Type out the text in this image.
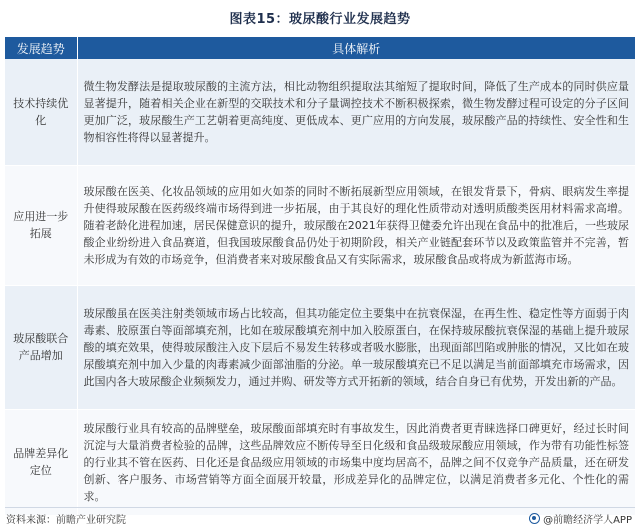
图表15：玻尿酸行业发展趋势
发展趋势	具体解析
技术持续优化	微生物发酵法是提取玻尿酸的主流方法，相比动物组织提取法其缩短了提取时间，降低了生产成本的同时供应量显著提升，随着相关企业在新型的交联技术和分子量调控技术不断积极探索，微生物发酵过程可设定的分子区间更加广泛，玻尿酸生产工艺朝着更高纯度、更低成本、更广应用的方向发展，玻尿酸产品的持续性、安全性和生物相容性将得以显著提升。
应用进一步拓展	玻尿酸在医美、化妆品领域的应用如火如荼的同时不断拓展新型应用领域，在银发背景下，骨病、眼病发生率提升使得玻尿酸在医药级终端市场得到进一步拓展，由于其良好的理化性质带动对透明质酸类医用材料需求高增。随着老龄化进程加速，居民保健意识的提升，玻尿酸在2021年获得卫健委允许出现在食品中的批准后，一些玻尿酸企业纷纷进入食品赛道，但我国玻尿酸食品仍处于初期阶段，相关产业链配套环节以及政策监管并不完善，暂未形成为有效的市场竞争，但消费者来对玻尿酸食品又有实际需求，玻尿酸食品或将成为新蓝海市场。
玻尿酸联合产品增加	玻尿酸虽在医美注射类领域市场占比较高，但其功能定位主要集中在抗衰保湿，在再生性、稳定性等方面弱于肉毒素、胶原蛋白等面部填充剂，比如在玻尿酸填充剂中加入胶原蛋白，在保持玻尿酸抗衰保湿的基础上提升玻尿酸的填充效果，使得玻尿酸注入皮下层后不易发生转移或者吸水膨胀，出现面部凹陷或肿胀的情况，又比如在玻尿酸填充剂中加入少量的肉毒素减少面部油脂的分泌。单一玻尿酸填充已不足以满足当前面部填充市场需求，因此国内各大玻尿酸企业频频发力，通过并购、研发等方式开拓新的领域，结合自身已有优势，开发出新的产品。
品牌差异化定位	玻尿酸行业具有较高的品牌壁垒，玻尿酸面部填充时有事故发生，因此消费者更青睐选择口碑更好，经过长时间沉淀与大量消费者检验的品牌，这些品牌效应不断传导至日化级和食品级玻尿酸应用领域，作为带有功能性标签的行业其不管在医药、日化还是食品级应用领域的市场集中度均居高不，品牌之间不仅竞争产品质量，还在研发创新、客户服务、市场营销等方面全面展开较量，形成差异化的品牌定位，以满足消费者多元化、个性化的需求。
资料来源：前瞻产业研究院	@前瞻经济学人APP
